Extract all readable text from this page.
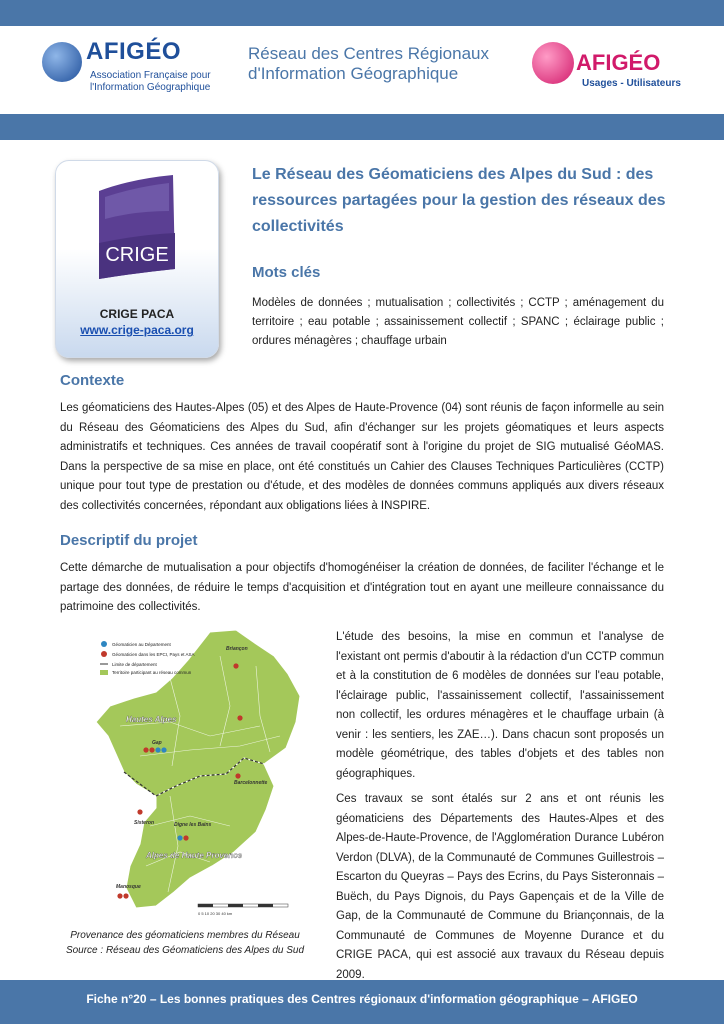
AFIGÉO
Association Française pour
l'Information Géographique
Réseau des Centres Régionaux
d'Information Géographique	AFIGÉO
Usages - Utilisateurs
CRIGE
CRIGE PACA
www.crige-paca.org
Le Réseau des Géomaticiens des Alpes du Sud : des ressources partagées pour la gestion des réseaux des collectivités
Mots clés
Modèles de données ; mutualisation ; collectivités ; CCTP ; aménagement du territoire ; eau potable ; assainissement collectif ; SPANC ; éclairage public ; ordures ménagères ; chauffage urbain
Contexte
Les géomaticiens des Hautes-Alpes (05) et des Alpes de Haute-Provence (04) sont réunis de façon informelle au sein du Réseau des Géomaticiens des Alpes du Sud, afin d'échanger sur les projets géomatiques et leurs aspects administratifs et techniques. Ces années de travail coopératif sont à l'origine du projet de SIG mutualisé GéoMAS. Dans la perspective de sa mise en place, ont été constitués un Cahier des Clauses Techniques Particulières (CCTP) unique pour tout type de prestation ou d'étude, et des modèles de données communs appliqués aux divers réseaux des collectivités concernées, répondant aux obligations liées à INSPIRE.
Descriptif du projet
Cette démarche de mutualisation a pour objectifs d'homogénéiser la création de données, de faciliter l'échange et le partage des données, de réduire le temps d'acquisition et d'intégration tout en ayant une meilleure connaissance du patrimoine des collectivités.
Géomaticien au Département
Géomaticien dans les EPCI, Pays et ASA
Limite de département
Territoire participant au réseau commun
Hautes Alpes
Alpes de Haute Provence
Briançon
Gap
Barcelonnette
Sisteron	Digne les Bains
Manosque
0 5 10 20 30 40 km
Provenance des géomaticiens membres du Réseau
Source : Réseau des Géomaticiens des Alpes du Sud
L'étude des besoins, la mise en commun et l'analyse de l'existant ont permis d'aboutir à la rédaction d'un CCTP commun et à la constitution de 6 modèles de données sur l'eau potable, l'éclairage public, l'assainissement collectif, l'assainissement non collectif, les ordures ménagères et le chauffage urbain (à venir : les sentiers, les ZAE…). Dans chacun sont proposés un modèle géométrique, des tables d'objets et des tables non géographiques.
Ces travaux se sont étalés sur 2 ans et ont réunis les géomaticiens des Départements des Hautes-Alpes et des Alpes-de-Haute-Provence, de l'Agglomération Durance Lubéron Verdon (DLVA), de la Communauté de Communes Guillestrois – Escarton du Queyras – Pays des Ecrins, du Pays Sisteronnais – Buëch, du Pays Dignois, du Pays Gapençais et de la Ville de Gap, de la Communauté de Commune du Briançonnais, de la Communauté de Communes de Moyenne Durance et du CRIGE PACA, qui est associé aux travaux du Réseau depuis 2009.
Fiche n°20 – Les bonnes pratiques des Centres régionaux d'information géographique – AFIGEO
